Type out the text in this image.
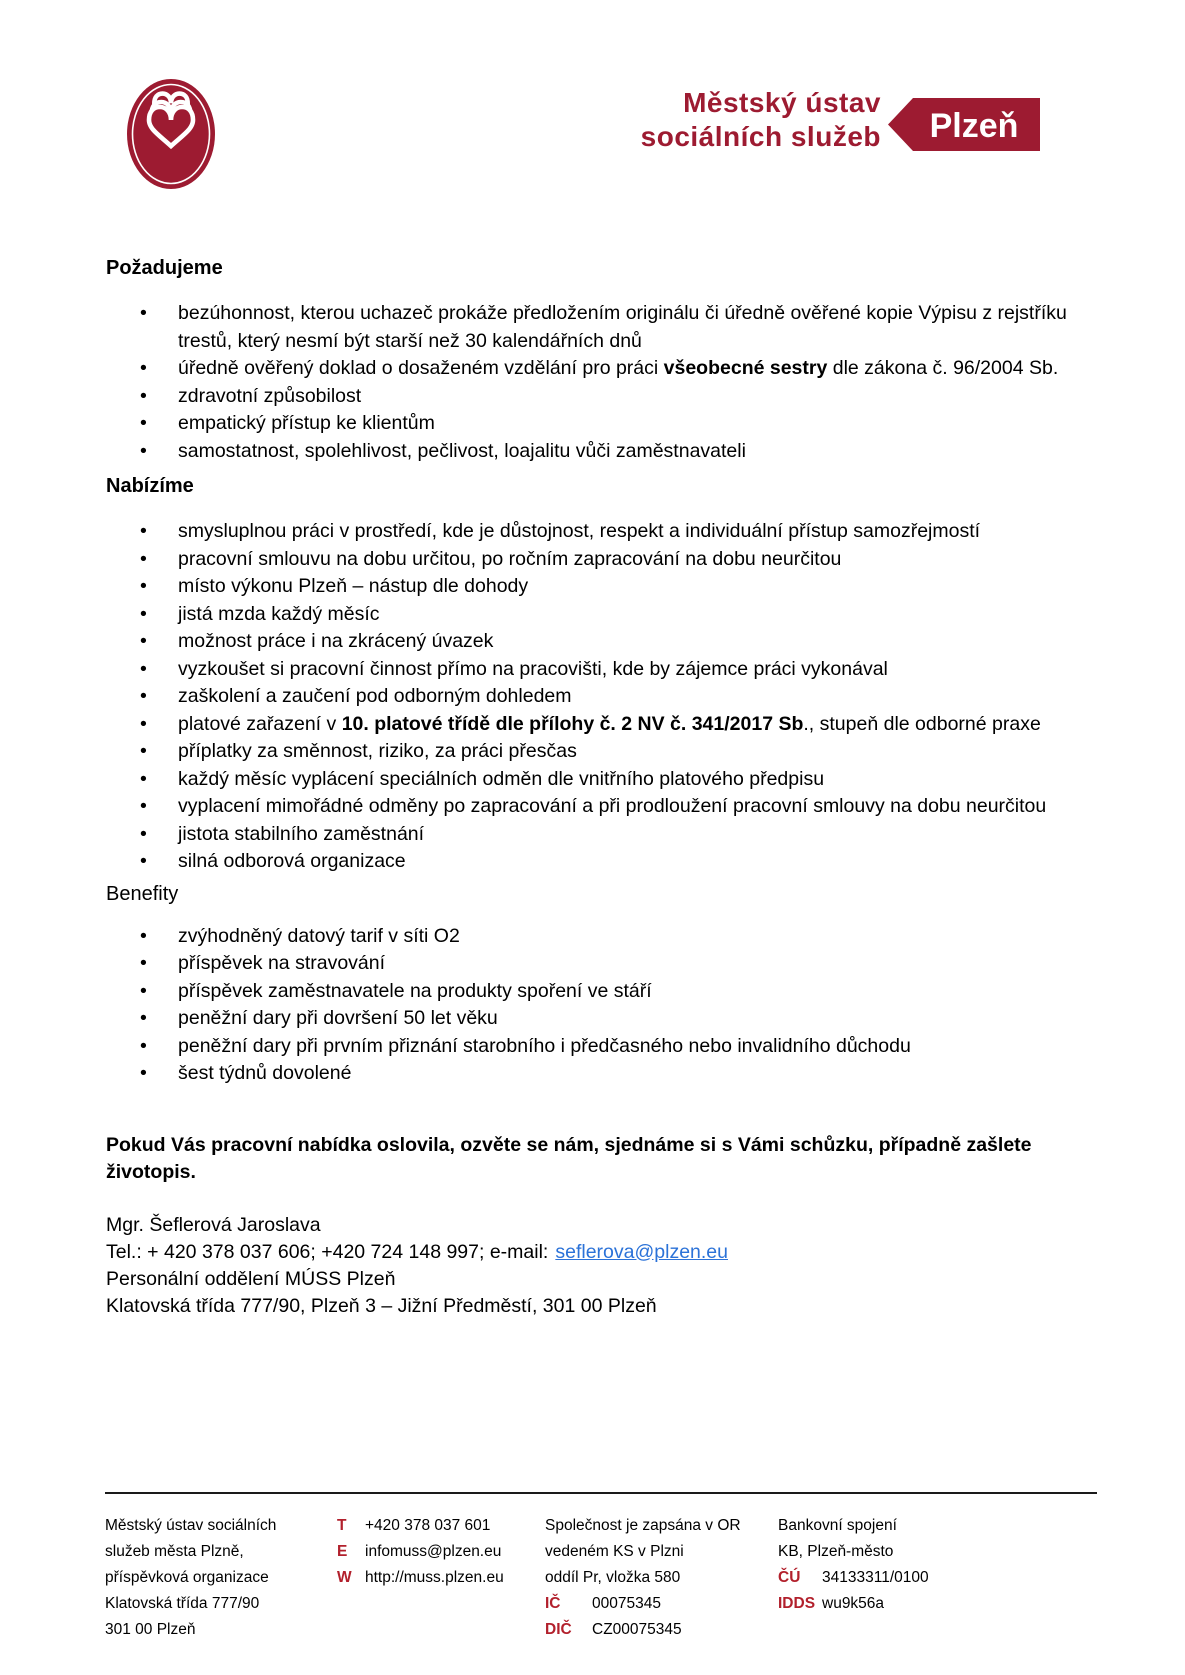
Městský ústav
sociálních služeb Plzeň
Požadujeme
• bezúhonnost, kterou uchazeč prokáže předložením originálu či úředně ověřené kopie Výpisu z rejstříku trestů, který nesmí být starší než 30 kalendářních dnů
• úředně ověřený doklad o dosaženém vzdělání pro práci všeobecné sestry dle zákona č. 96/2004 Sb.
• zdravotní způsobilost
• empatický přístup ke klientům
• samostatnost, spolehlivost, pečlivost, loajalitu vůči zaměstnavateli
Nabízíme
• smysluplnou práci v prostředí, kde je důstojnost, respekt a individuální přístup samozřejmostí
• pracovní smlouvu na dobu určitou, po ročním zapracování na dobu neurčitou
• místo výkonu Plzeň – nástup dle dohody
• jistá mzda každý měsíc
• možnost práce i na zkrácený úvazek
• vyzkoušet si pracovní činnost přímo na pracovišti, kde by zájemce práci vykonával
• zaškolení a zaučení pod odborným dohledem
• platové zařazení v 10. platové třídě dle přílohy č. 2 NV č. 341/2017 Sb., stupeň dle odborné praxe
• příplatky za směnnost, riziko, za práci přesčas
• každý měsíc vyplácení speciálních odměn dle vnitřního platového předpisu
• vyplacení mimořádné odměny po zapracování a při prodloužení pracovní smlouvy na dobu neurčitou
• jistota stabilního zaměstnání
• silná odborová organizace
Benefity
• zvýhodněný datový tarif v síti O2
• příspěvek na stravování
• příspěvek zaměstnavatele na produkty spoření ve stáří
• peněžní dary při dovršení 50 let věku
• peněžní dary při prvním přiznání starobního i předčasného nebo invalidního důchodu
• šest týdnů dovolené

Pokud Vás pracovní nabídka oslovila, ozvěte se nám, sjednáme si s Vámi schůzku, případně zašlete životopis.

Mgr. Šeflerová Jaroslava
Tel.: + 420 378 037 606; +420 724 148 997; e-mail: seflerova@plzen.eu
Personální oddělení MÚSS Plzeň
Klatovská třída 777/90, Plzeň 3 – Jižní Předměstí, 301 00 Plzeň
Městský ústav sociálních
služeb města Plzně,
příspěvková organizace
Klatovská třída 777/90
301 00 Plzeň
T +420 378 037 601
E infomuss@plzen.eu
W http://muss.plzen.eu
Společnost je zapsána v OR
vedeném KS v Plzni
oddíl Pr, vložka 580
IČ 00075345
DIČ CZ00075345
Bankovní spojení
KB, Plzeň-město
ČÚ 34133311/0100
IDDS wu9k56a
